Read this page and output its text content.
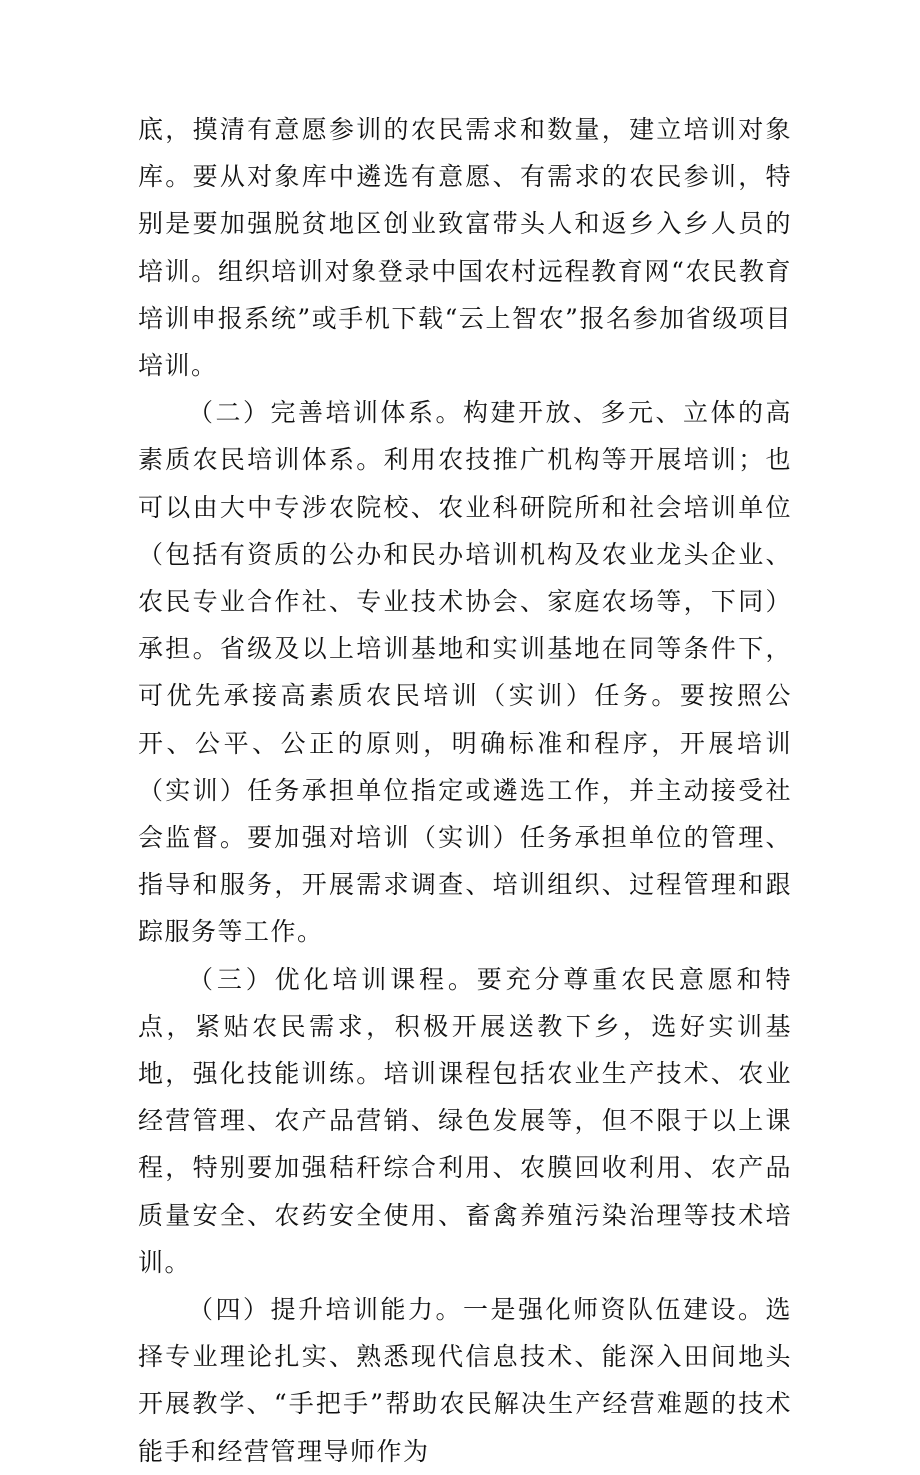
底，摸清有意愿参训的农民需求和数量，建立培训对象库。要从对象库中遴选有意愿、有需求的农民参训，特别是要加强脱贫地区创业致富带头人和返乡入乡人员的培训。组织培训对象登录中国农村远程教育网“农民教育培训申报系统”或手机下载“云上智农”报名参加省级项目培训。

（二）完善培训体系。构建开放、多元、立体的高素质农民培训体系。利用农技推广机构等开展培训；也可以由大中专涉农院校、农业科研院所和社会培训单位（包括有资质的公办和民办培训机构及农业龙头企业、农民专业合作社、专业技术协会、家庭农场等，下同）承担。省级及以上培训基地和实训基地在同等条件下，可优先承接高素质农民培训（实训）任务。要按照公开、公平、公正的原则，明确标准和程序，开展培训（实训）任务承担单位指定或遴选工作，并主动接受社会监督。要加强对培训（实训）任务承担单位的管理、指导和服务，开展需求调查、培训组织、过程管理和跟踪服务等工作。

（三）优化培训课程。要充分尊重农民意愿和特点，紧贴农民需求，积极开展送教下乡，选好实训基地，强化技能训练。培训课程包括农业生产技术、农业经营管理、农产品营销、绿色发展等，但不限于以上课程，特别要加强秸秆综合利用、农膜回收利用、农产品质量安全、农药安全使用、畜禽养殖污染治理等技术培训。

（四）提升培训能力。一是强化师资队伍建设。选择专业理论扎实、熟悉现代信息技术、能深入田间地头开展教学、“手把手”帮助农民解决生产经营难题的技术能手和经营管理导师作为
